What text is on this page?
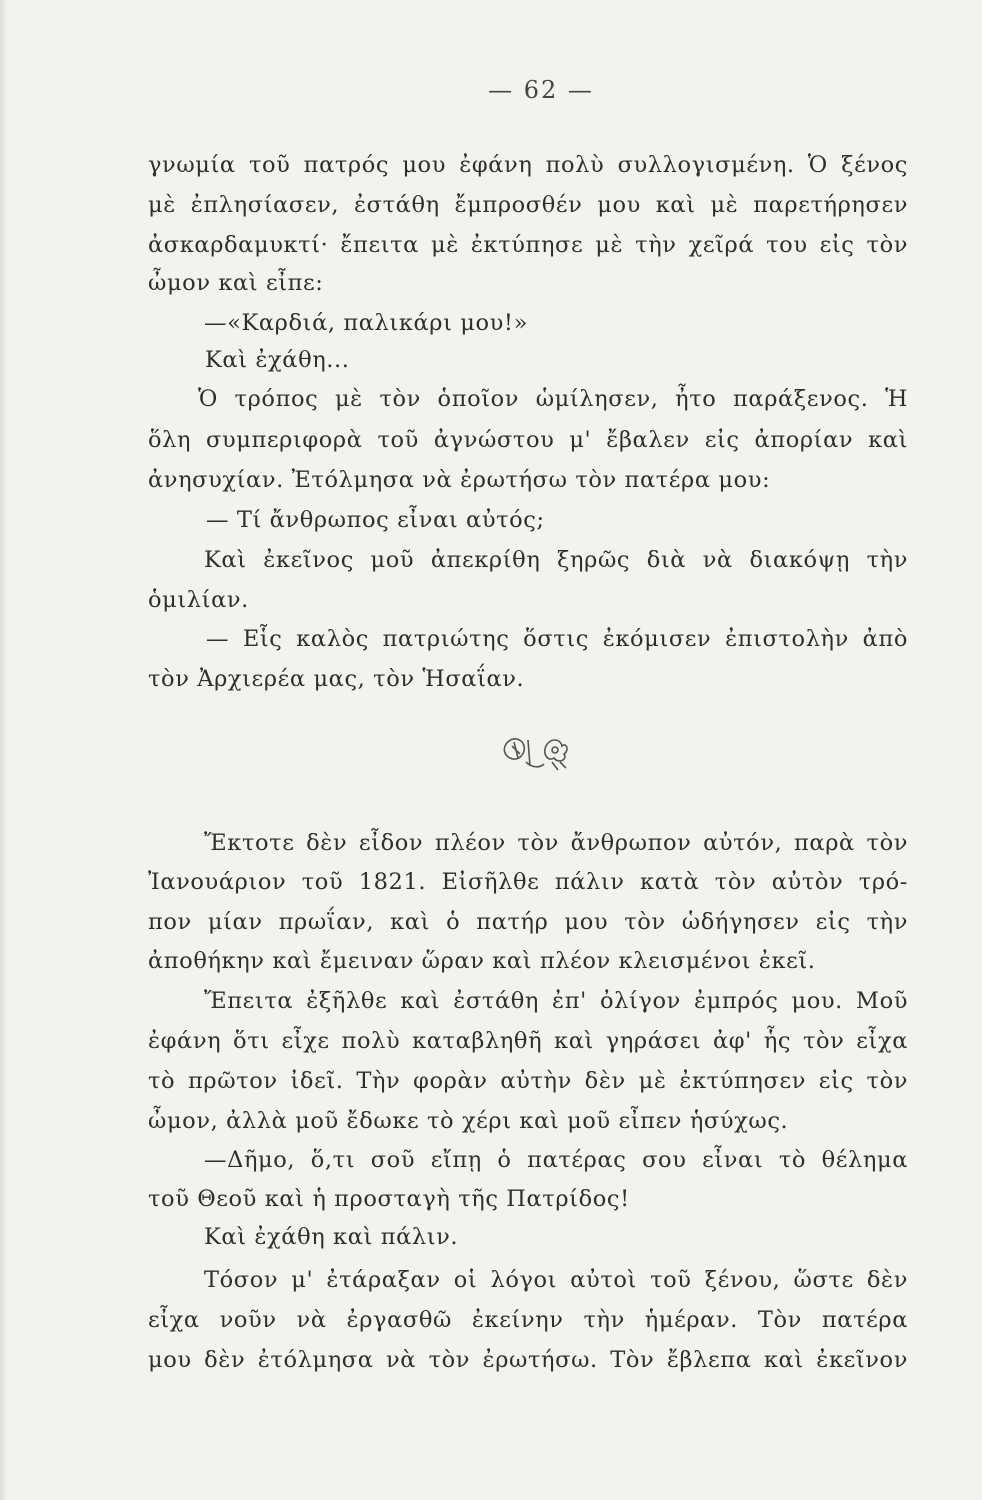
— 62 —
γνωμία τοῦ πατρός μου ἐφάνη πολὺ συλλογισμένη. Ὁ ξένος
μὲ ἐπλησίασεν, ἐστάθη ἔμπροσθέν μου καὶ μὲ παρετήρησεν
ἀσκαρδαμυκτί· ἔπειτα μὲ ἐκτύπησε μὲ τὴν χεῖρά του εἰς τὸν
ὦμον καὶ εἶπε:
—«Καρδιά, παλικάρι μου!»
Καὶ ἐχάθη...
Ὁ τρόπος μὲ τὸν ὁποῖον ὡμίλησεν, ἦτο παράξενος. Ἡ
ὅλη συμπεριφορὰ τοῦ ἀγνώστου μ' ἔβαλεν εἰς ἀπορίαν καὶ
ἀνησυχίαν. Ἐτόλμησα νὰ ἐρωτήσω τὸν πατέρα μου:
— Τί ἄνθρωπος εἶναι αὐτός;
Καὶ ἐκεῖνος μοῦ ἀπεκρίθη ξηρῶς διὰ νὰ διακόψῃ τὴν
ὁμιλίαν.
— Εἷς καλὸς πατριώτης ὅστις ἐκόμισεν ἐπιστολὴν ἀπὸ
τὸν Ἀρχιερέα μας, τὸν Ἡσαΐαν.
Ἔκτοτε δὲν εἶδον πλέον τὸν ἄνθρωπον αὐτόν, παρὰ τὸν
Ἰανουάριον τοῦ 1821. Εἰσῆλθε πάλιν κατὰ τὸν αὐτὸν τρό-
πον μίαν πρωΐαν, καὶ ὁ πατήρ μου τὸν ὡδήγησεν εἰς τὴν
ἀποθήκην καὶ ἔμειναν ὥραν καὶ πλέον κλεισμένοι ἐκεῖ.
Ἔπειτα ἐξῆλθε καὶ ἐστάθη ἐπ' ὀλίγον ἐμπρός μου. Μοῦ
ἐφάνη ὅτι εἶχε πολὺ καταβληθῆ καὶ γηράσει ἀφ' ἧς τὸν εἶχα
τὸ πρῶτον ἰδεῖ. Τὴν φορὰν αὐτὴν δὲν μὲ ἐκτύπησεν εἰς τὸν
ὦμον, ἀλλὰ μοῦ ἔδωκε τὸ χέρι καὶ μοῦ εἶπεν ἡσύχως.
—Δῆμο, ὅ,τι σοῦ εἴπῃ ὁ πατέρας σου εἶναι τὸ θέλημα
τοῦ Θεοῦ καὶ ἡ προσταγὴ τῆς Πατρίδος!
Καὶ ἐχάθη καὶ πάλιν.
Τόσον μ' ἐτάραξαν οἱ λόγοι αὐτοὶ τοῦ ξένου, ὥστε δὲν
εἶχα νοῦν νὰ ἐργασθῶ ἐκείνην τὴν ἡμέραν. Τὸν πατέρα
μου δὲν ἐτόλμησα νὰ τὸν ἐρωτήσω. Τὸν ἔβλεπα καὶ ἐκεῖνον
